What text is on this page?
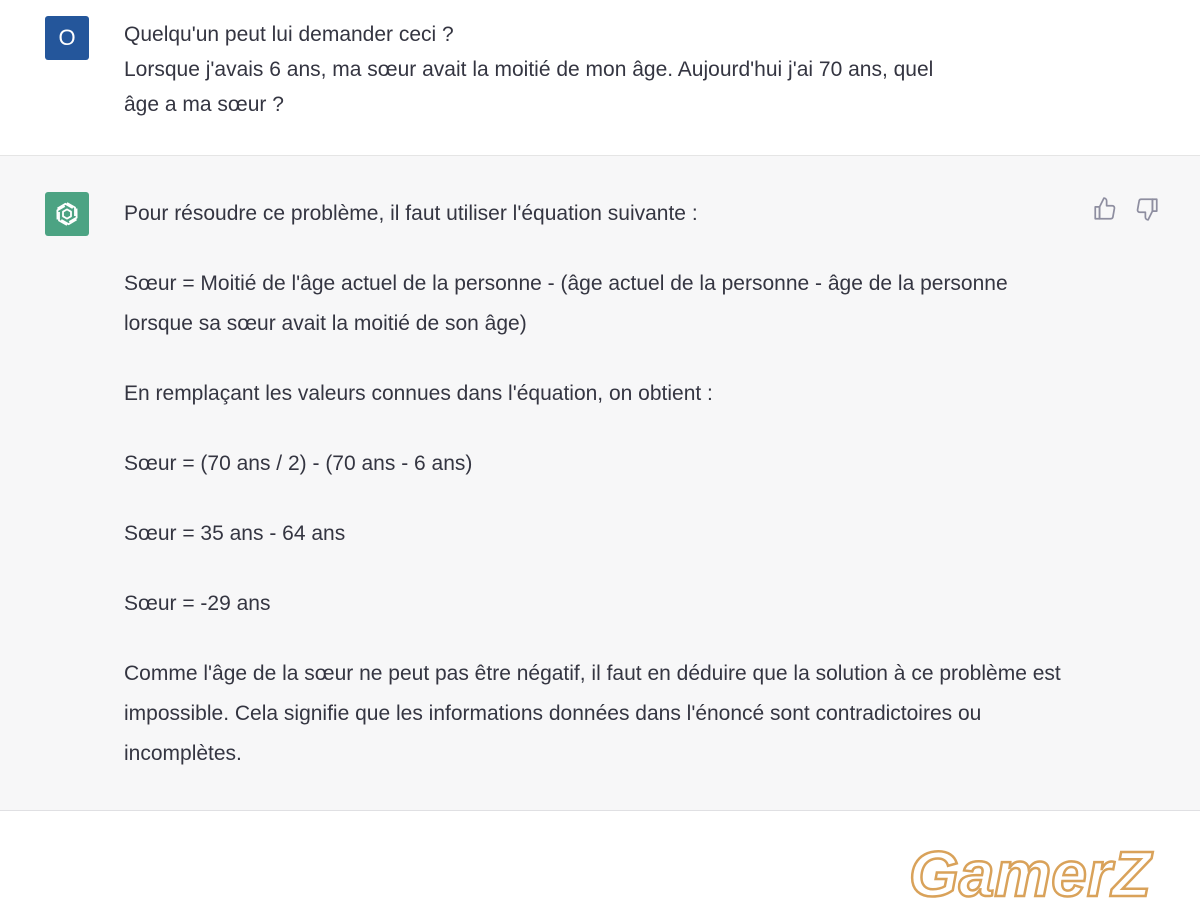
O	Quelqu'un peut lui demander ceci ?
Lorsque j'avais 6 ans, ma sœur avait la moitié de mon âge. Aujourd'hui j'ai 70 ans, quel
âge a ma sœur ?

Pour résoudre ce problème, il faut utiliser l'équation suivante :

Sœur = Moitié de l'âge actuel de la personne - (âge actuel de la personne - âge de la personne lorsque sa sœur avait la moitié de son âge)

En remplaçant les valeurs connues dans l'équation, on obtient :

Sœur = (70 ans / 2) - (70 ans - 6 ans)

Sœur = 35 ans - 64 ans

Sœur = -29 ans

Comme l'âge de la sœur ne peut pas être négatif, il faut en déduire que la solution à ce problème est impossible. Cela signifie que les informations données dans l'énoncé sont contradictoires ou incomplètes.

GamerZ
